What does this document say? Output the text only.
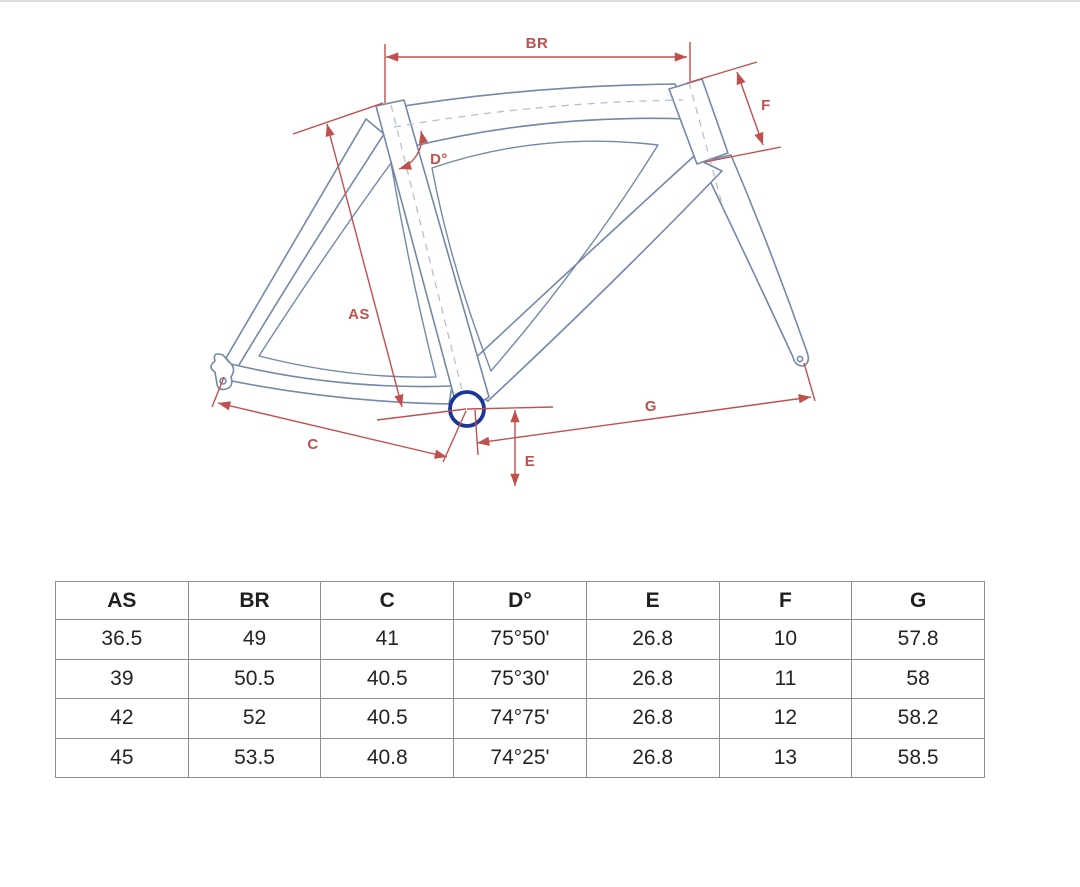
BR
F
D°
AS
C
E
G
AS	BR	C	D°	E	F	G
36.5	49	41	75°50'	26.8	10	57.8
39	50.5	40.5	75°30'	26.8	11	58
42	52	40.5	74°75'	26.8	12	58.2
45	53.5	40.8	74°25'	26.8	13	58.5
